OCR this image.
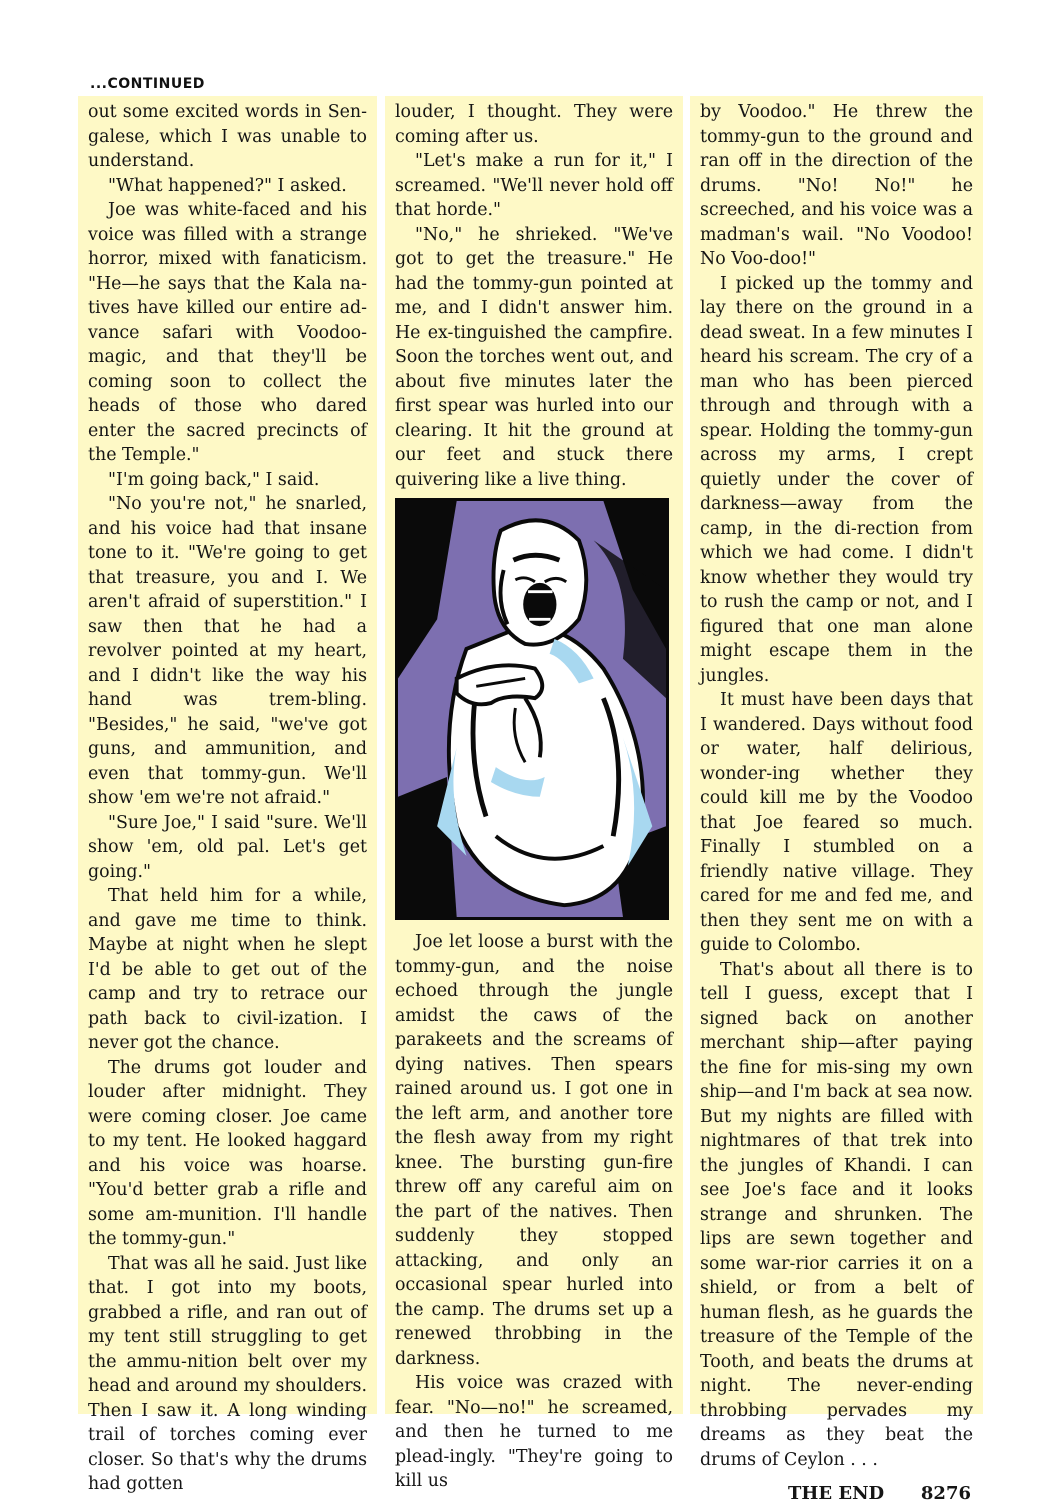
...CONTINUED

out some excited words in Sen-galese, which I was unable to understand.

"What happened?" I asked.

Joe was white-faced and his voice was filled with a strange horror, mixed with fanaticism. "He—he says that the Kala na-tives have killed our entire ad-vance safari with Voodoo-magic, and that they'll be coming soon to collect the heads of those who dared enter the sacred precincts of the Temple."

"I'm going back," I said.

"No you're not," he snarled, and his voice had that insane tone to it. "We're going to get that treasure, you and I. We aren't afraid of superstition." I saw then that he had a revolver pointed at my heart, and I didn't like the way his hand was trem-bling. "Besides," he said, "we've got guns, and ammunition, and even that tommy-gun. We'll show 'em we're not afraid."

"Sure Joe," I said "sure. We'll show 'em, old pal. Let's get going."

That held him for a while, and gave me time to think. Maybe at night when he slept I'd be able to get out of the camp and try to retrace our path back to civil-ization. I never got the chance.

The drums got louder and louder after midnight. They were coming closer. Joe came to my tent. He looked haggard and his voice was hoarse. "You'd better grab a rifle and some am-munition. I'll handle the tommy-gun."

That was all he said. Just like that. I got into my boots, grabbed a rifle, and ran out of my tent still struggling to get the ammu-nition belt over my head and around my shoulders. Then I saw it. A long winding trail of torches coming ever closer. So that's why the drums had gotten

louder, I thought. They were coming after us.

"Let's make a run for it," I screamed. "We'll never hold off that horde."

"No," he shrieked. "We've got to get the treasure." He had the tommy-gun pointed at me, and I didn't answer him. He ex-tinguished the campfire. Soon the torches went out, and about five minutes later the first spear was hurled into our clearing. It hit the ground at our feet and stuck there quivering like a live thing.

Joe let loose a burst with the tommy-gun, and the noise echoed through the jungle amidst the caws of the parakeets and the screams of dying natives. Then spears rained around us. I got one in the left arm, and another tore the flesh away from my right knee. The bursting gun-fire threw off any careful aim on the part of the natives. Then suddenly they stopped attacking, and only an occasional spear hurled into the camp. The drums set up a renewed throbbing in the darkness.

His voice was crazed with fear. "No—no!" he screamed, and then he turned to me plead-ingly. "They're going to kill us

by Voodoo." He threw the tommy-gun to the ground and ran off in the direction of the drums. "No! No!" he screeched, and his voice was a madman's wail. "No Voodoo! No Voo-doo!"

I picked up the tommy and lay there on the ground in a dead sweat. In a few minutes I heard his scream. The cry of a man who has been pierced through and through with a spear. Holding the tommy-gun across my arms, I crept quietly under the cover of darkness—away from the camp, in the di-rection from which we had come. I didn't know whether they would try to rush the camp or not, and I figured that one man alone might escape them in the jungles.

It must have been days that I wandered. Days without food or water, half delirious, wonder-ing whether they could kill me by the Voodoo that Joe feared so much. Finally I stumbled on a friendly native village. They cared for me and fed me, and then they sent me on with a guide to Colombo.

That's about all there is to tell I guess, except that I signed back on another merchant ship—after paying the fine for mis-sing my own ship—and I'm back at sea now. But my nights are filled with nightmares of that trek into the jungles of Khandi. I can see Joe's face and it looks strange and shrunken. The lips are sewn together and some war-rior carries it on a shield, or from a belt of human flesh, as he guards the treasure of the Temple of the Tooth, and beats the drums at night. The never-ending throbbing pervades my dreams as they beat the drums of Ceylon . . .

THE END 8276
